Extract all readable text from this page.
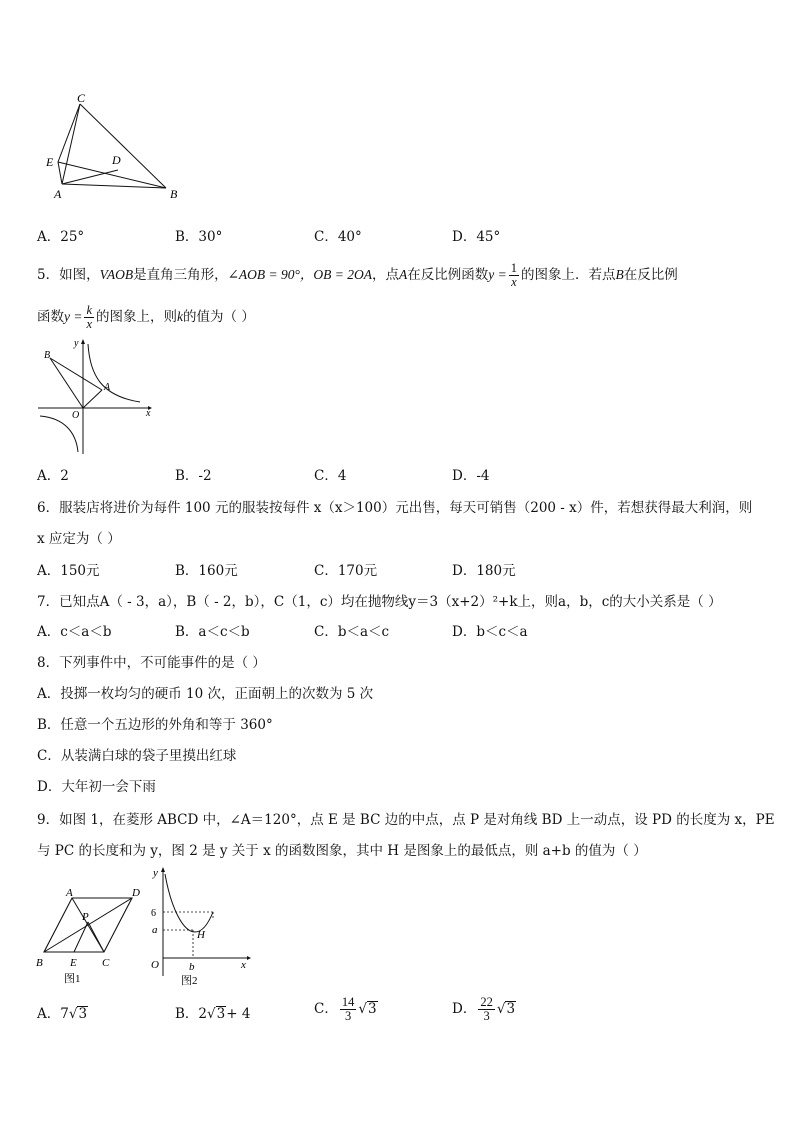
C
E	D
A	B
A．25°	B．30°	C．40°	D．45°
5．如图，VAOB是直角三角形，∠AOB = 90°，OB = 2OA，点A在反比例函数$y = \frac{1}{x}$ 的图象上．若点B在反比例
函数$y = \frac{k}{x}$ 的图象上，则k的值为（ ）
y
B
A
O	x
A．2	B．-2	C．4	D．-4
6．服装店将进价为每件 100 元的服装按每件 x（x＞100）元出售，每天可销售（200 - x）件，若想获得最大利润，则
x 应定为（ ）
A．150元	B．160元	C．170元	D．180元
7．已知点A（ - 3，a），B（ - 2，b），C（1，c）均在抛物线y＝3（x+2）²+k上，则a，b，c的大小关系是（ ）
A．c＜a＜b	B．a＜c＜b	C．b＜a＜c	D．b＜c＜a
8．下列事件中，不可能事件的是（ ）
A．投掷一枚均匀的硬币 10 次，正面朝上的次数为 5 次
B．任意一个五边形的外角和等于 360°
C．从装满白球的袋子里摸出红球
D．大年初一会下雨
9．如图 1，在菱形 ABCD 中，∠A＝120°，点 E 是 BC 边的中点，点 P 是对角线 BD 上一动点，设 PD 的长度为 x，PE
与 PC 的长度和为 y，图 2 是 y 关于 x 的函数图象，其中 H 是图象上的最低点，则 a+b 的值为（ ）
A	D
P
B E C
图1
y
6
a	H
O	b	x
图2
A．7√3	B．2√3+ 4	C． $\frac{14}{3} √3$	D． $\frac{22}{3} √3$
